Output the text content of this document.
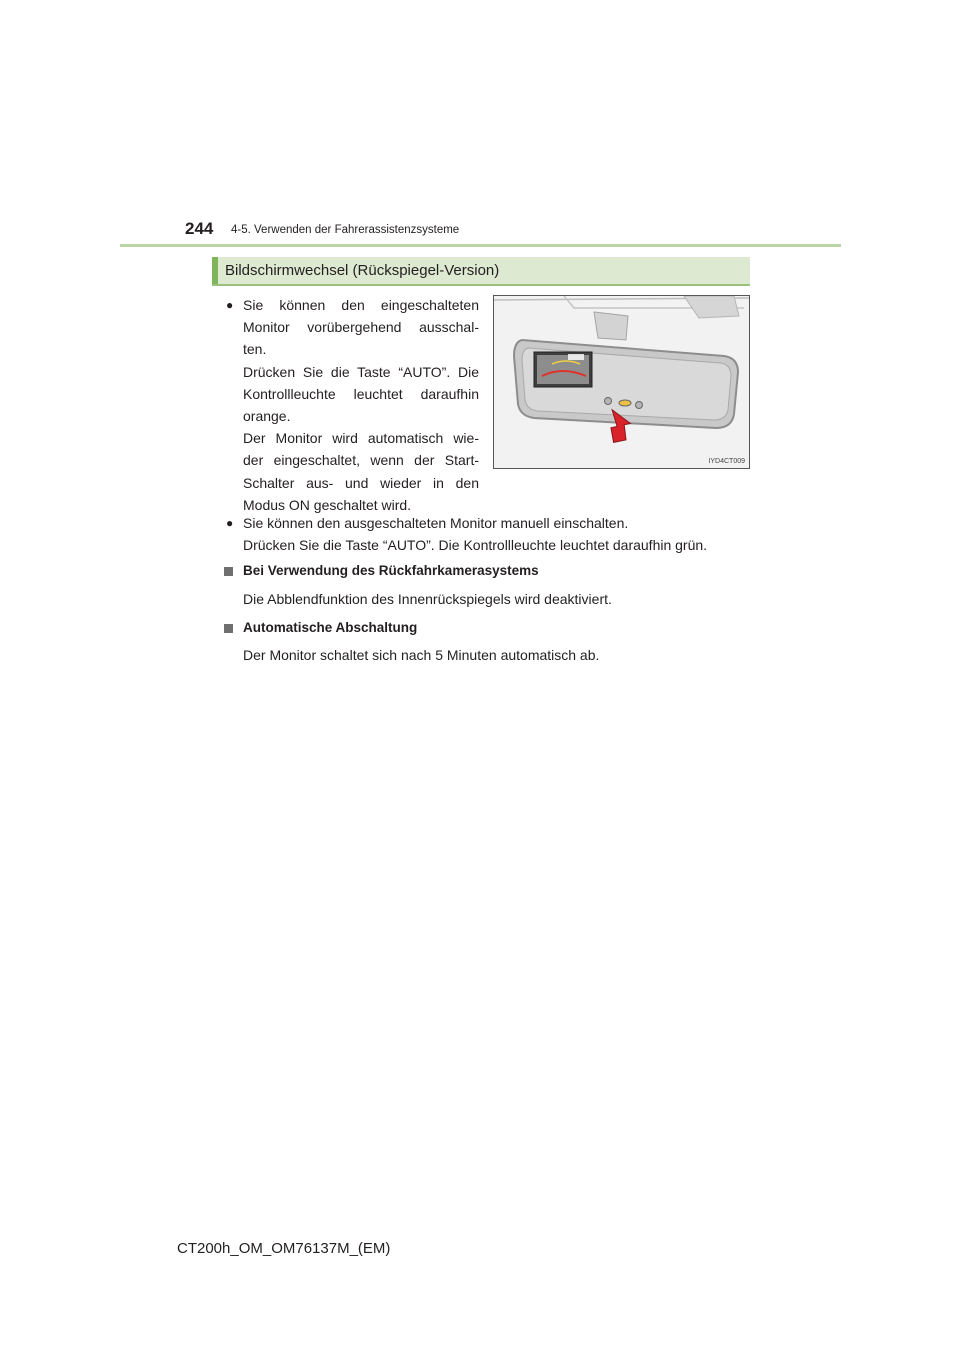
244 4-5. Verwenden der Fahrerassistenzsysteme
Bildschirmwechsel (Rückspiegel-Version)
● Sie können den eingeschalteten
Monitor vorübergehend ausschal-
ten.
Drücken Sie die Taste “AUTO”. Die
Kontrollleuchte leuchtet daraufhin
orange.
Der Monitor wird automatisch wie-
der eingeschaltet, wenn der Start-
Schalter aus- und wieder in den
Modus ON geschaltet wird.
IYD4CT009
● Sie können den ausgeschalteten Monitor manuell einschalten.
Drücken Sie die Taste “AUTO”. Die Kontrollleuchte leuchtet daraufhin grün.
Bei Verwendung des Rückfahrkamerasystems
Die Abblendfunktion des Innenrückspiegels wird deaktiviert.
Automatische Abschaltung
Der Monitor schaltet sich nach 5 Minuten automatisch ab.
CT200h_OM_OM76137M_(EM)
